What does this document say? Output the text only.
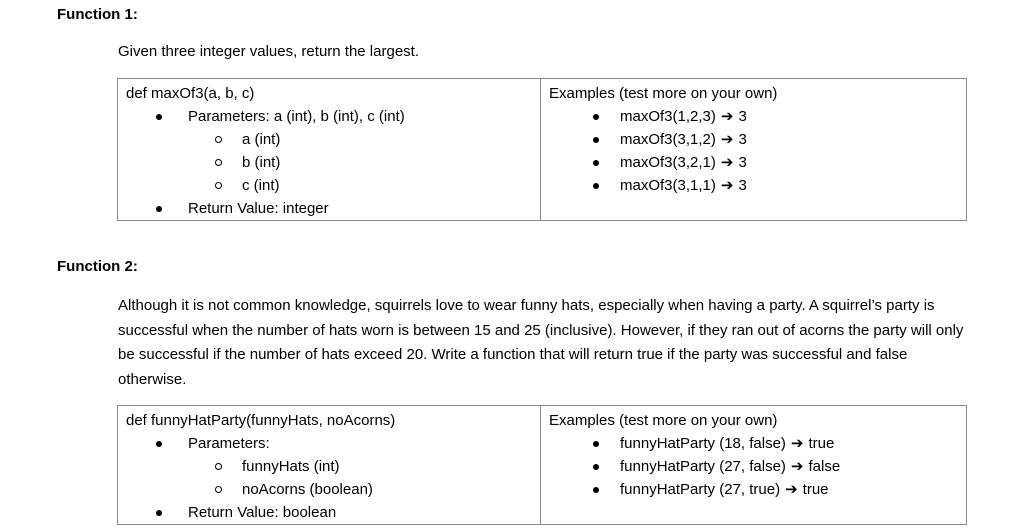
Function 1:
Given three integer values, return the largest.
def maxOf3(a, b, c)
Parameters: a (int), b (int), c (int)
a (int)
b (int)
c (int)
Return Value: integer

Examples (test more on your own)
maxOf3(1,2,3) ➔ 3
maxOf3(3,1,2) ➔ 3
maxOf3(3,2,1) ➔ 3
maxOf3(3,1,1) ➔ 3
Function 2:
Although it is not common knowledge, squirrels love to wear funny hats, especially when having a party. A squirrel’s party is successful when the number of hats worn is between 15 and 25 (inclusive). However, if they ran out of acorns the party will only be successful if the number of hats exceed 20. Write a function that will return true if the party was successful and false otherwise.
def funnyHatParty(funnyHats, noAcorns)
Parameters:
funnyHats (int)
noAcorns (boolean)
Return Value: boolean

Examples (test more on your own)
funnyHatParty (18, false) ➔ true
funnyHatParty (27, false) ➔ false
funnyHatParty (27, true) ➔ true
